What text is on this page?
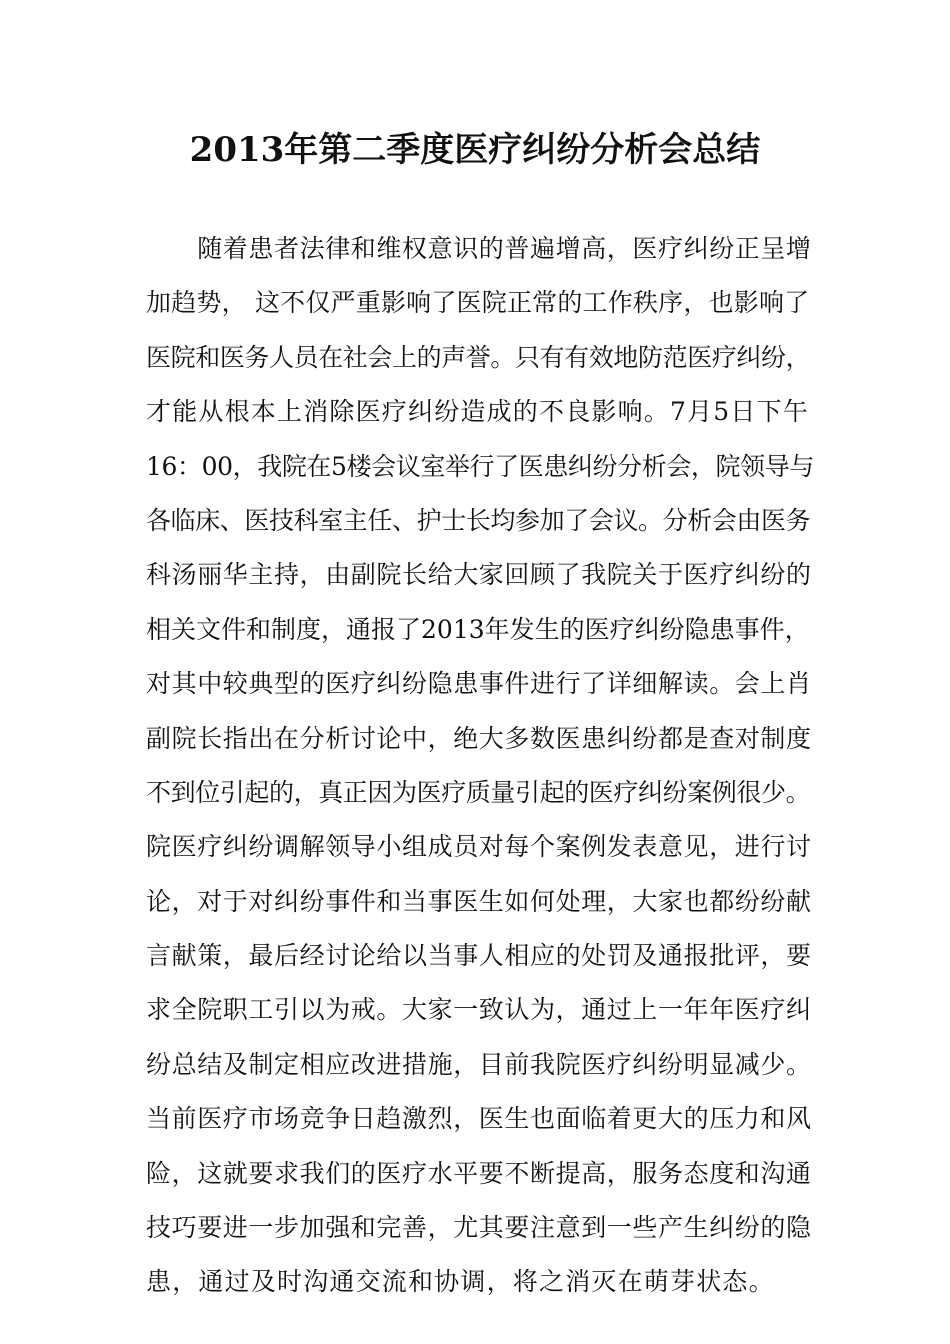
2013年第二季度医疗纠纷分析会总结
　　随着患者法律和维权意识的普遍增高，医疗纠纷正呈增
加趋势， 这不仅严重影响了医院正常的工作秩序，也影响了
医院和医务人员在社会上的声誉。只有有效地防范医疗纠纷，
才能从根本上消除医疗纠纷造成的不良影响。7月5日下午
16：00，我院在5楼会议室举行了医患纠纷分析会，院领导与
各临床、医技科室主任、护士长均参加了会议。分析会由医务
科汤丽华主持，由副院长给大家回顾了我院关于医疗纠纷的
相关文件和制度，通报了2013年发生的医疗纠纷隐患事件，
对其中较典型的医疗纠纷隐患事件进行了详细解读。会上肖
副院长指出在分析讨论中，绝大多数医患纠纷都是查对制度
不到位引起的，真正因为医疗质量引起的医疗纠纷案例很少。
院医疗纠纷调解领导小组成员对每个案例发表意见，进行讨
论，对于对纠纷事件和当事医生如何处理，大家也都纷纷献
言献策，最后经讨论给以当事人相应的处罚及通报批评，要
求全院职工引以为戒。大家一致认为，通过上一年年医疗纠
纷总结及制定相应改进措施，目前我院医疗纠纷明显减少。
当前医疗市场竞争日趋激烈，医生也面临着更大的压力和风
险，这就要求我们的医疗水平要不断提高，服务态度和沟通
技巧要进一步加强和完善，尤其要注意到一些产生纠纷的隐
患，通过及时沟通交流和协调，将之消灭在萌芽状态。
